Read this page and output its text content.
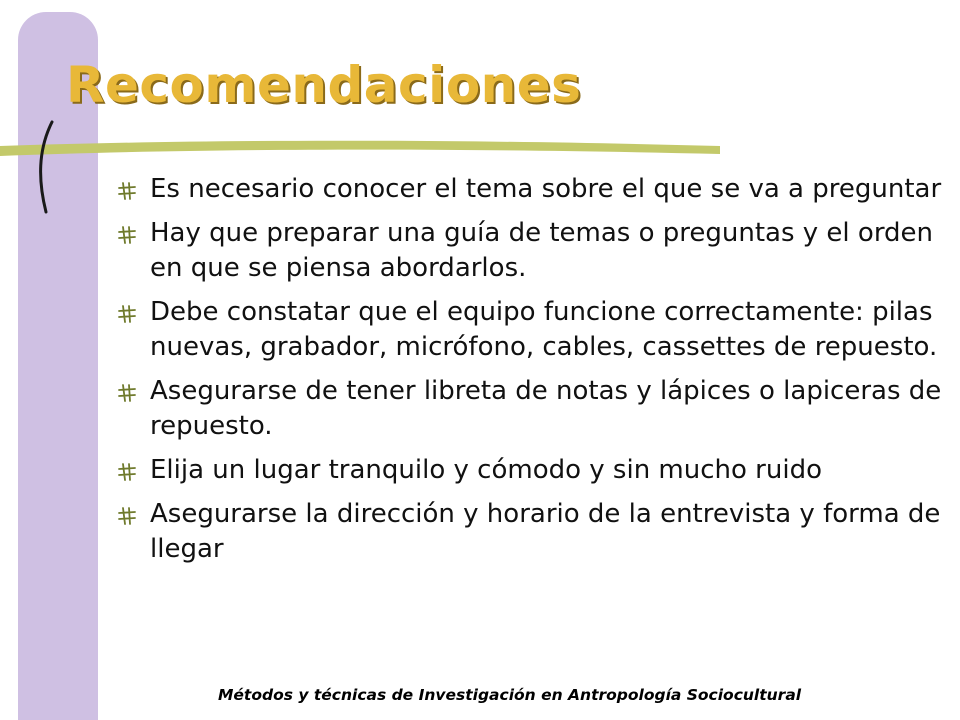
Recomendaciones
Es necesario conocer el tema sobre el que se va a preguntar
Hay que preparar una guía de temas o preguntas y el orden en que se piensa abordarlos.
Debe constatar que el equipo funcione correctamente: pilas nuevas, grabador, micrófono, cables, cassettes de repuesto.
Asegurarse de tener libreta de notas y lápices o lapiceras de repuesto.
Elija un lugar tranquilo y cómodo y sin mucho ruido
Asegurarse la dirección y horario de la entrevista y forma de llegar

Métodos y técnicas de Investigación en Antropología Sociocultural
